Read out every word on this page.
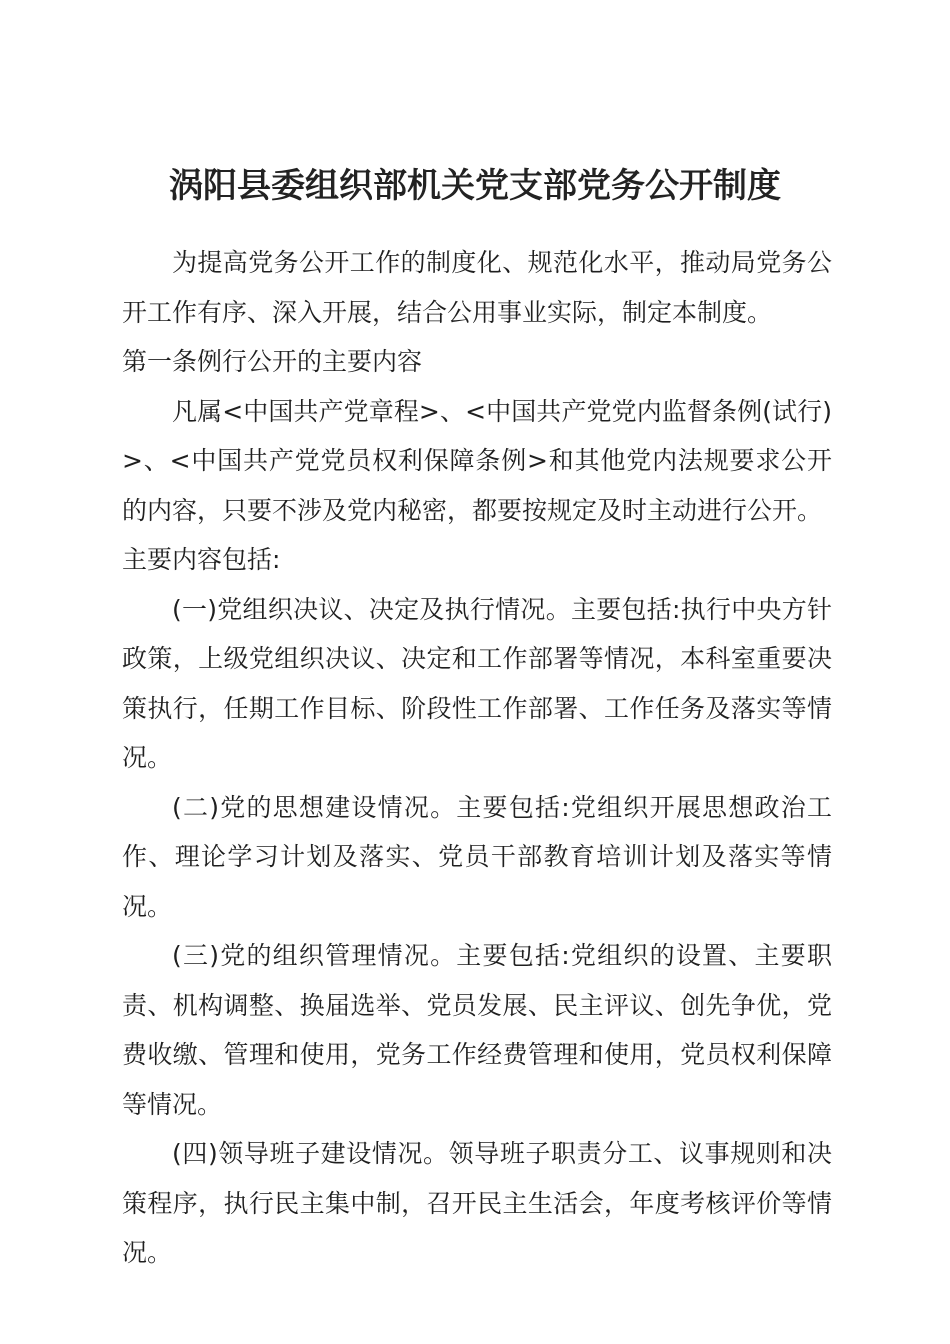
涡阳县委组织部机关党支部党务公开制度

为提高党务公开工作的制度化、规范化水平，推动局党务公开工作有序、深入开展，结合公用事业实际，制定本制度。

第一条例行公开的主要内容

凡属<中国共产党章程>、<中国共产党党内监督条例(试行)>、<中国共产党党员权利保障条例>和其他党内法规要求公开的内容，只要不涉及党内秘密，都要按规定及时主动进行公开。

主要内容包括:

(一)党组织决议、决定及执行情况。主要包括:执行中央方针政策，上级党组织决议、决定和工作部署等情况，本科室重要决策执行，任期工作目标、阶段性工作部署、工作任务及落实等情况。

(二)党的思想建设情况。主要包括:党组织开展思想政治工作、理论学习计划及落实、党员干部教育培训计划及落实等情况。

(三)党的组织管理情况。主要包括:党组织的设置、主要职责、机构调整、换届选举、党员发展、民主评议、创先争优，党费收缴、管理和使用，党务工作经费管理和使用，党员权利保障等情况。

(四)领导班子建设情况。领导班子职责分工、议事规则和决策程序，执行民主集中制，召开民主生活会，年度考核评价等情况。
